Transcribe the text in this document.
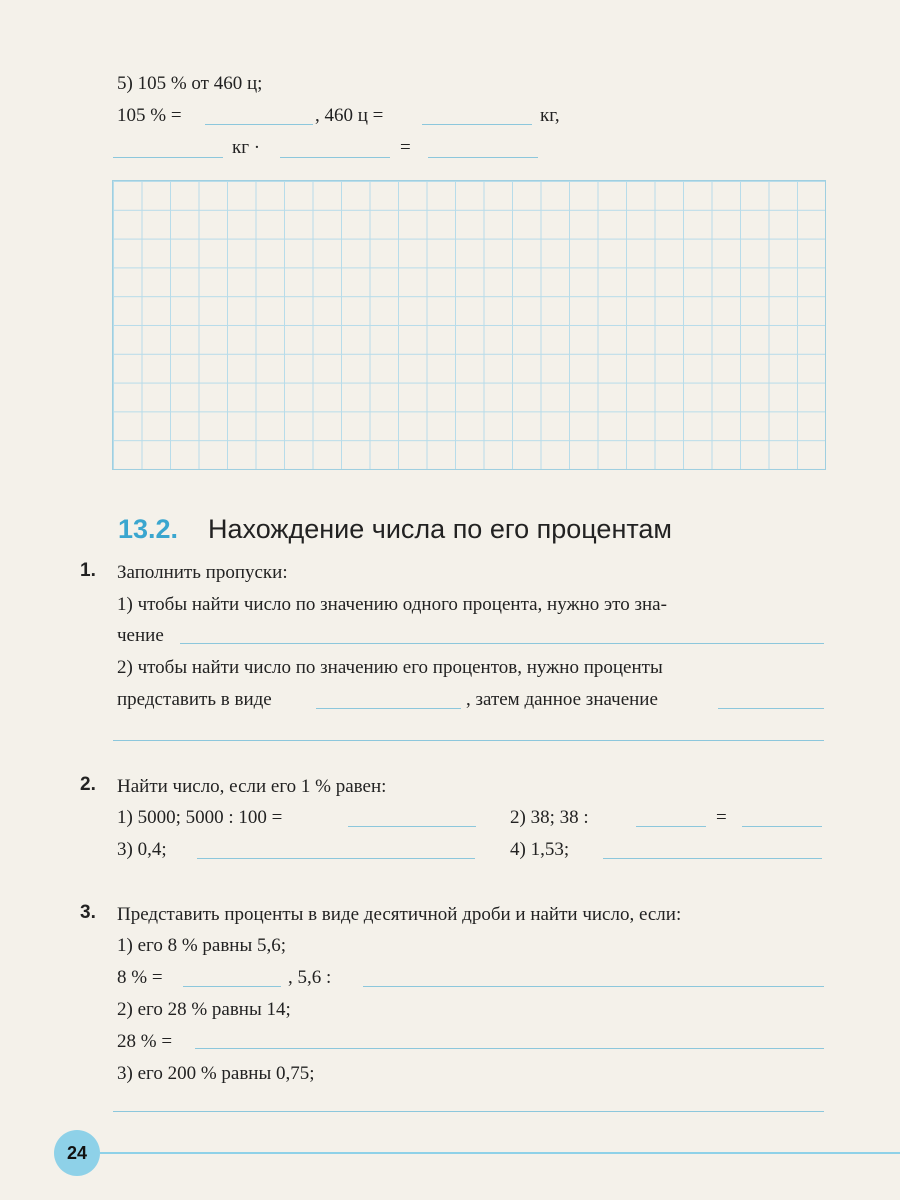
5) 105 % от 460 ц;
105 % =	, 460 ц =	кг,
кг ·	=
13.2. Нахождение числа по его процентам
1. Заполнить пропуски:
1) чтобы найти число по значению одного процента, нужно это зна-
чение
2) чтобы найти число по значению его процентов, нужно проценты
представить в виде	, затем данное значение
2. Найти число, если его 1 % равен:
1) 5000; 5000 : 100 =	2) 38; 38 :	=
3) 0,4;	4) 1,53;
3. Представить проценты в виде десятичной дроби и найти число, если:
1) его 8 % равны 5,6;
8 % =	, 5,6 :
2) его 28 % равны 14;
28 % =
3) его 200 % равны 0,75;
24
